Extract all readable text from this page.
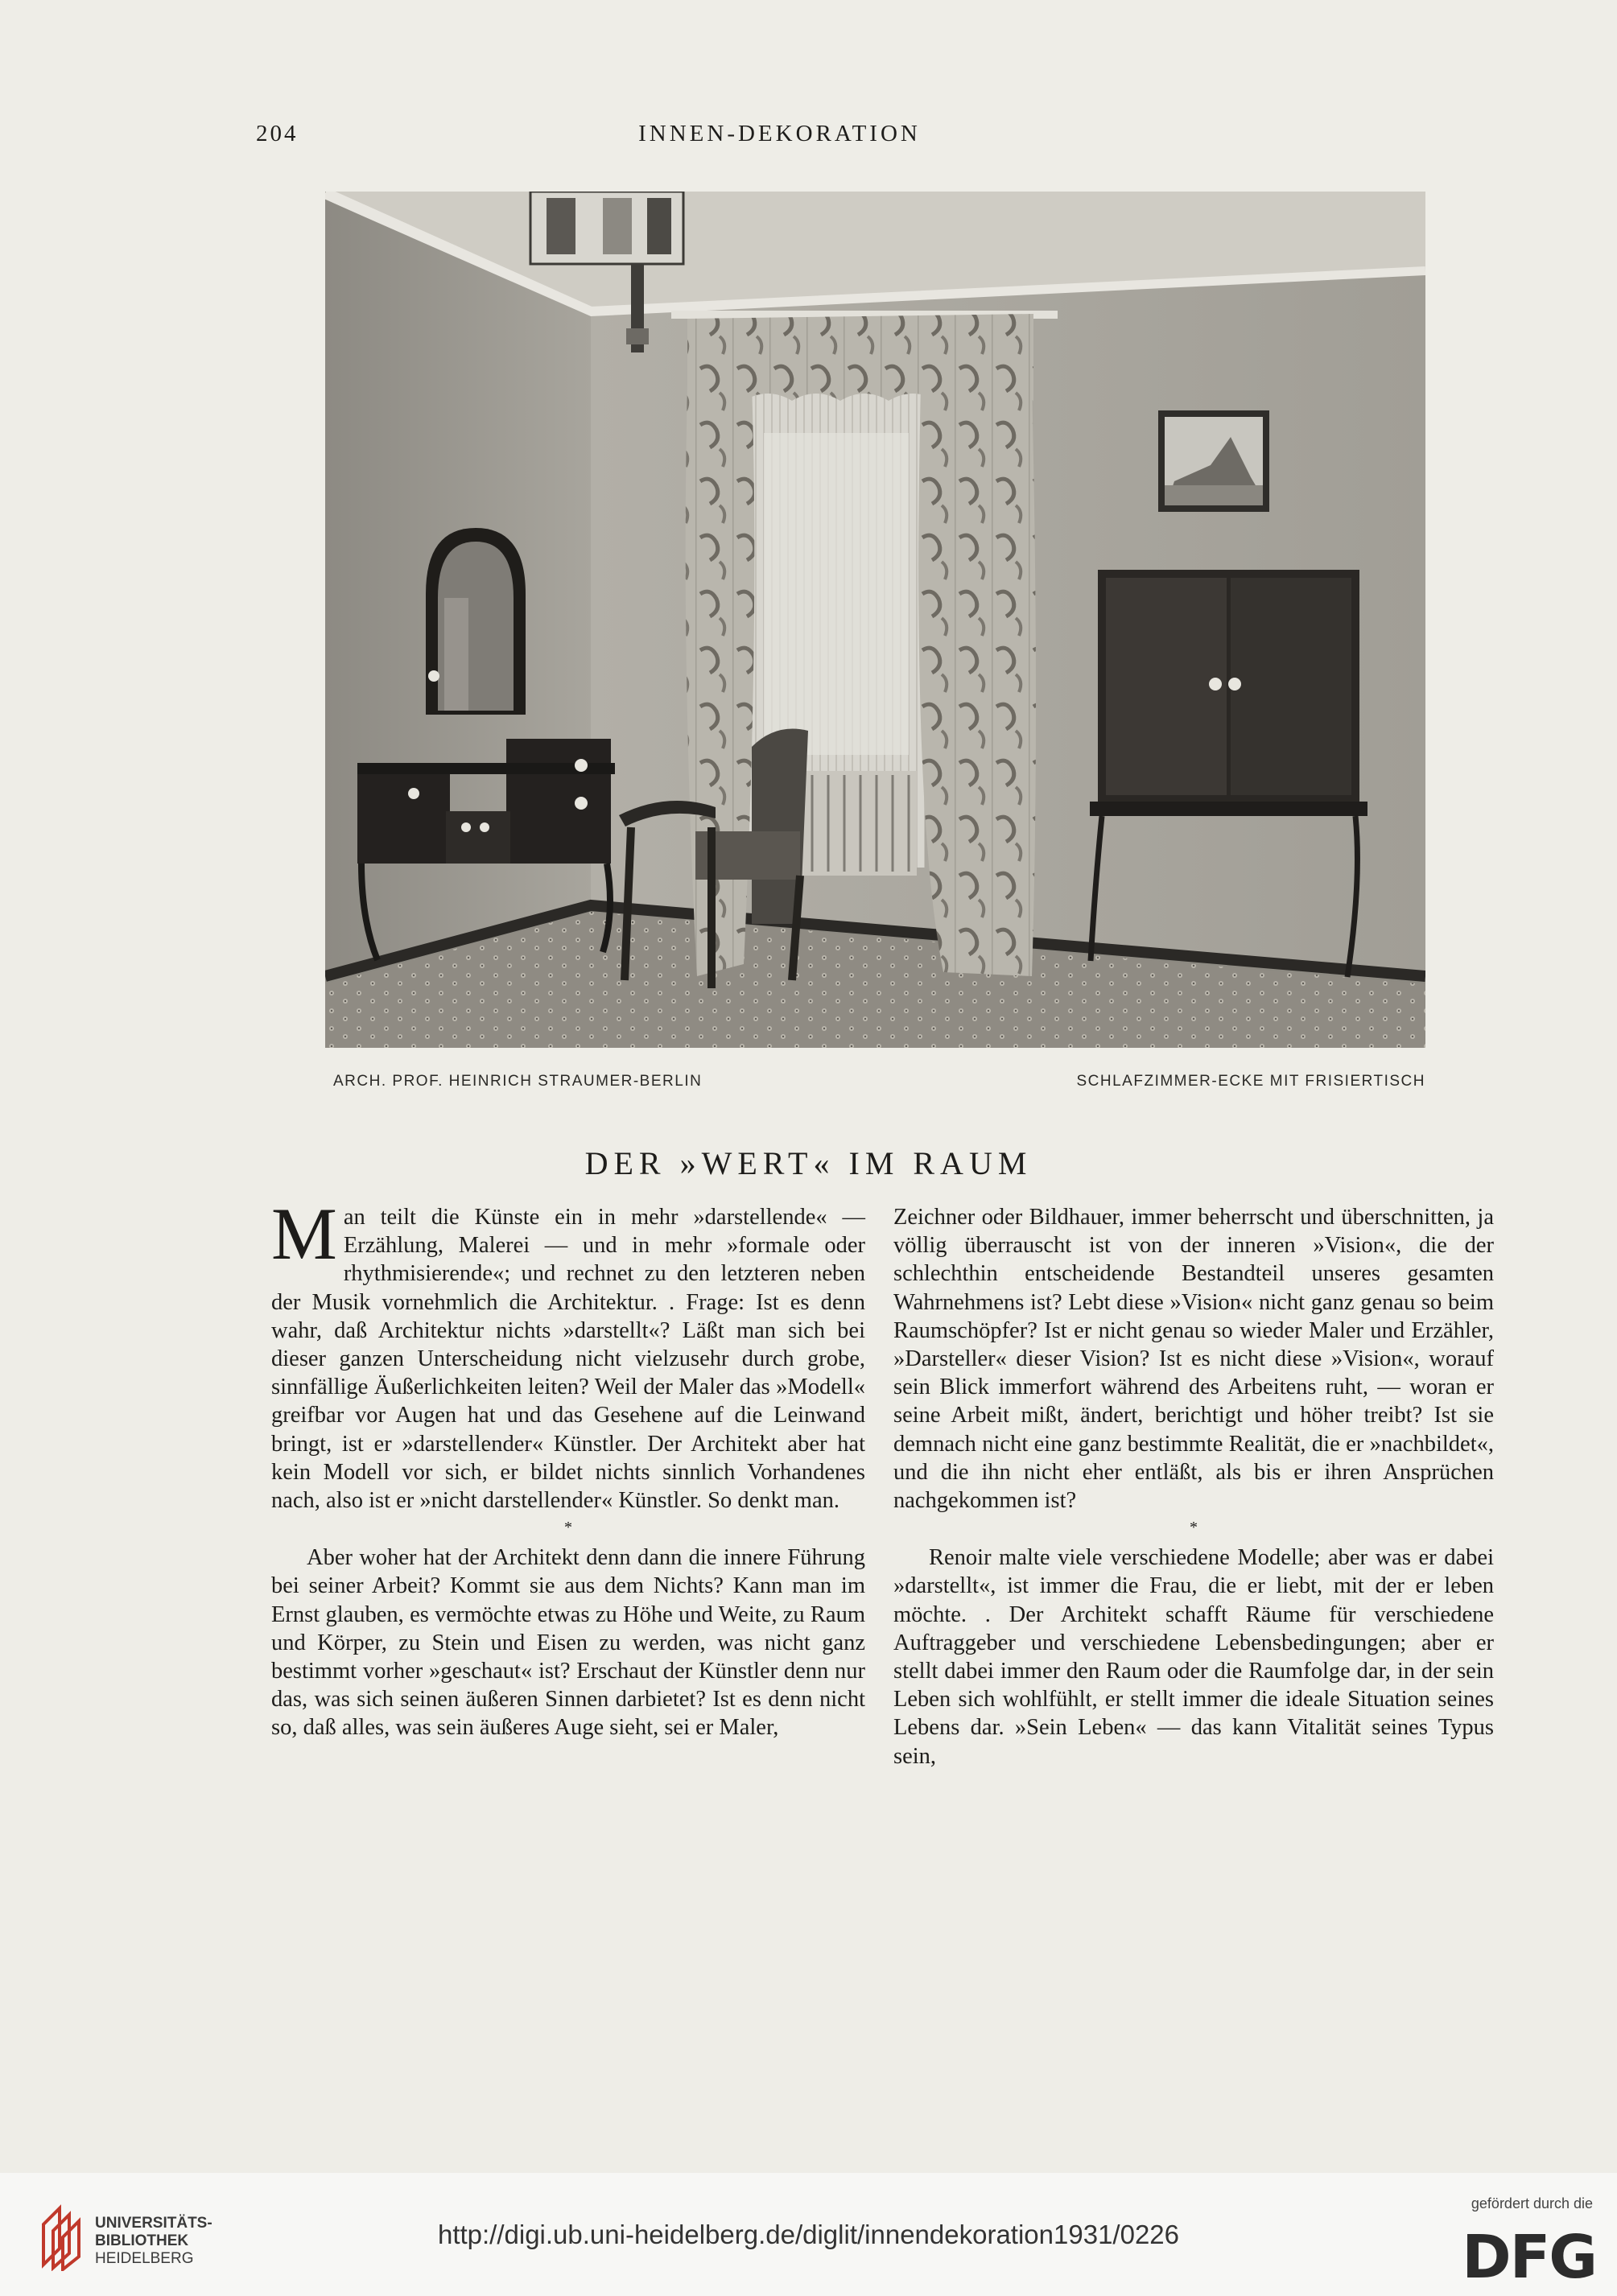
204	INNEN-DEKORATION
ARCH. PROF. HEINRICH STRAUMER-BERLIN	SCHLAFZIMMER-ECKE MIT FRISIERTISCH
DER »WERT« IM RAUM

Man teilt die Künste ein in mehr »darstellende« — Erzählung, Malerei — und in mehr »formale oder rhythmisierende«; und rechnet zu den letzteren neben der Musik vornehmlich die Architektur. . Frage: Ist es denn wahr, daß Architektur nichts »darstellt«? Läßt man sich bei dieser ganzen Unterscheidung nicht vielzusehr durch grobe, sinnfällige Äußerlichkeiten leiten? Weil der Maler das »Modell« greifbar vor Augen hat und das Gesehene auf die Leinwand bringt, ist er »darstellender« Künstler. Der Architekt aber hat kein Modell vor sich, er bildet nichts sinnlich Vorhandenes nach, also ist er »nicht darstellender« Künstler. So denkt man.

*

Aber woher hat der Architekt denn dann die innere Führung bei seiner Arbeit? Kommt sie aus dem Nichts? Kann man im Ernst glauben, es vermöchte etwas zu Höhe und Weite, zu Raum und Körper, zu Stein und Eisen zu werden, was nicht ganz bestimmt vorher »geschaut« ist? Erschaut der Künstler denn nur das, was sich seinen äußeren Sinnen darbietet? Ist es denn nicht so, daß alles, was sein äußeres Auge sieht, sei er Maler,

Zeichner oder Bildhauer, immer beherrscht und überschnitten, ja völlig überrauscht ist von der inneren »Vision«, die der schlechthin entscheidende Bestandteil unseres gesamten Wahrnehmens ist? Lebt diese »Vision« nicht ganz genau so beim Raumschöpfer? Ist er nicht genau so wieder Maler und Erzähler, »Darsteller« dieser Vision? Ist es nicht diese »Vision«, worauf sein Blick immerfort während des Arbeitens ruht, — woran er seine Arbeit mißt, ändert, berichtigt und höher treibt? Ist sie demnach nicht eine ganz bestimmte Realität, die er »nachbildet«, und die ihn nicht eher entläßt, als bis er ihren Ansprüchen nachgekommen ist?

*

Renoir malte viele verschiedene Modelle; aber was er dabei »darstellt«, ist immer die Frau, die er liebt, mit der er leben möchte. . Der Architekt schafft Räume für verschiedene Auftraggeber und verschiedene Lebensbedingungen; aber er stellt dabei immer den Raum oder die Raumfolge dar, in der sein Leben sich wohlfühlt, er stellt immer die ideale Situation seines Lebens dar. »Sein Leben« — das kann Vitalität seines Typus sein,

UNIVERSITÄTS-
BIBLIOTHEK
HEIDELBERG
http://digi.ub.uni-heidelberg.de/diglit/innendekoration1931/0226
gefördert durch die
DFG
